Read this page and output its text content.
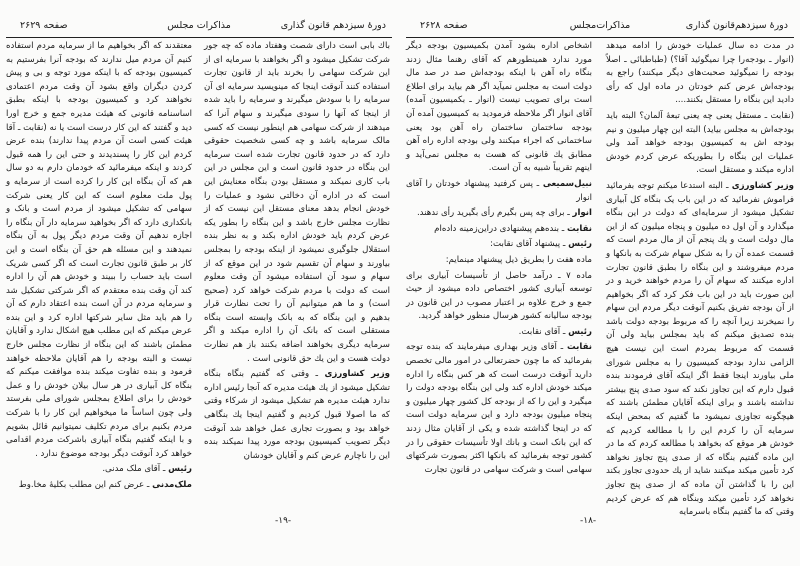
دورهٔ سیزدهم قانون گذاری
مذاکرات مجلس
صفحه ۲۶۲۹

باك بابی است دارای شصت وهفتاد ماده که چه جور شرکت تشکیل میشود و اگر بخواهند با سرمایه ای از این شرکت سهامی را بخرند باید از قانون تجارت استفاده کنند آنوقت اینجا که مینویسید سرمایه ای آن سرمایه را با سودش میگیرند و سرمایه را باید شده از اینجا که آنها را سودی میگیرند و سهام آنرا که میدهند از شرکت سهامی هم اینطور نیست که کسی مالک سرمایه باشد و چه کسی شخصیت حقوقی دارد که در حدود قانون تجارت شده است سرمایه این بنگاه در حدود قانون است و این مجلس در این باب کاری نمیکند و مستقل بودن بنگاه معنایش این است که در اداره آن دخالتی نشود و عملیات را خودش انجام بدهد معنای مستقل این نیست که از نظارت مجلس خارج باشد و این بنگاه را بطور یکه عرض کردم باید خودش اداره بکند و به نظر بنده استقلال جلوگیری نمیشود از اینکه بودجه را بمجلس بیاورند و سهام آن تقسیم شود در این موقع که از سهام و سود آن استفاده میشود آن وقت معلوم است که دولت با مردم شرکت خواهد کرد (صحیح است) و ما هم میتوانیم آن را تحت نظارت قرار بدهیم و این بنگاه که به بانک وابسته است بنگاه مستقلی است که بانک آن را اداره میکند و اگر سرمایه دیگری بخواهند اضافه بکنند باز هم نظارت دولت هست و این یك حق قانونی است .

وزیر کشاورزی ـ وقتی که گفتیم بنگاه بنگاه تشکیل میشود از یك هیئت مدیره که آنجا رئیس اداره ندارد هیئت مدیره هم تشکیل میشود از شرکاء وقتی که ما اصولا قبول کردیم و گفتیم اینجا یك بنگاهی خواهد بود و بصورت تجاری عمل خواهد شد آنوقت دیگر تصویب کمیسیون بودجه مورد پیدا نمیکند بنده این را ناچارم عرض کنم و آقایان خودشان

معتقدند که اگر بخواهیم ما از سرمایه مردم استفاده کنیم آن مردم میل ندارند که بودجه آنرا بفرستیم به کمیسیون بودجه که با اینکه مورد توجه و بی و پیش کردن دیگران واقع بشود آن وقت مردم اعتمادی نخواهند کرد و کمیسیون بودجه با اینکه بطبق اساسنامه قانونی که هیئت مدیره جمع و خرج اورا دید و گفتند که این کار درست است یا نه (نقابت ـ آقا هیئت کسی است آن مردم پیدا ندارند) بنده عرض کردم این کار را پسندیدند و حتی این را همه قبول کردند و اینکه میفرمائید که خودمان دارم به دو سال هم که آن بنگاه این کار را کرده است از سرمایه و پول ملت معلوم است که این کار یعنی شرکت سهامی که تشکیل میشود از مردم است و بانک و بانکداری دارد که اگر بخواهید سرمایه دار آن بنگاه را اجازه ندهیم آن وقت مردم دیگر پول به آن بنگاه نمیدهند و این مسئله هم حق آن بنگاه است و این کار بر طبق قانون تجارت است که اگر کسی شریک است باید حساب را ببیند و خودش هم آن را اداره کند آن وقت بنده معتقدم که اگر شرکتی تشکیل شد و سرمایه مردم در آن است بنده اعتقاد دارم که آن را هم باید مثل سایر شرکتها اداره کرد و این بنده عرض میکنم که این مطلب هیچ اشکال ندارد و آقایان مطمئن باشند که این بنگاه از نظارت مجلس خارج نیست و البته بودجه را هم آقایان ملاحظه خواهند فرمود و بنده تفاوت میکند بنده موافقت میکنم که بنگاه کل آبیاری در هر سال بیلان خودش را و عمل خودش را برای اطلاع بمجلس شورای ملی بفرستد ولی چون اساساً ما میخواهیم این کار را با شرکت مردم بکنیم برای مردم تکلیف نمیتوانیم قائل بشویم و با اینکه گفتیم بنگاه آبیاری باشرکت مردم اقدامی خواهد کرد آنوقت دیگر بودجه موضوع ندارد .

رئیس ـ آقای ملک مدنی.

ملک‌مدنی ـ عرض کنم این مطلب بکلیهٔ مخا.وط

-۱۹-
دورهٔ سیزدهم‌قانون گذاری
مذاکرات‌مجلس
صفحه ۲۶۲۸

در مدت ده سال عملیات خودش را ادامه میدهد (انوار ـ بودجه‌را چرا نمیگوئید آقا؟) (طباطبائی ـ اصلاً بودجه را نمیگوئید صحبت‌های دیگر میکنند) راجع به بودجه‌اش عرض کنم خودتان در ماده اول که رأی دادید این بنگاه را مستقل بکنند....

(نقابت ـ مستقل یعنی چه یعنی تبعهٔ آلمان؟ البته باید بودجه‌اش به مجلس بیاید) البته این چهار میلیون و نیم بودجه اش به کمیسیون بودجه خواهد آمد ولی عملیات این بنگاه را بطوریکه عرض کردم خودش اداره میکند و مستقل است.

وزیر کشاورزی ـ البته استدعا میکنم توجه بفرمائید فراموش نفرمائید که در این باب یک بنگاه کل آبیاری تشکیل میشود از سرمایه‌ای که دولت در این بنگاه میگذارد و آن اول ده میلیون و پنجاه میلیون که از این مال دولت است و یك پنجم آن از مال مردم است که قسمت عمده آن را به شکل سهام شرکت به بانکها و مردم میفروشند و این بنگاه را بطبق قانون تجارت اداره میکنند که سهام آن را مردم خواهند خرید و در این صورت باید در این باب فکر کرد که اگر بخواهیم از آن بودجه تفریق بکنیم آنوقت دیگر مردم این سهام را نمیخرند زیرا آنچه را که مربوط بودجه دولت باشد بنده تصدیق میکنم که باید بمجلس بیاید ولی آن قسمت که مربوط بمردم است این نیست هیچ الزامی ندارد بودجه کمیسیون را به مجلس شورای ملی بیاورند اینجا فقط اگر اینکه آقای فرمودند بنده قبول دارم که این تجاوز نکند که سود صدی پنج بیشتر نداشته باشند و برای اینکه آقایان مطمئن باشند که هیچگونه تجاوزی نمیشود ما گفتیم که بمحض اینکه سرمایه آن را کردم این را با مطالعه کردیم که خودش هر موقع که بخواهد با مطالعه کردم که ما در این ماده گفتیم بنگاه که از صدی پنج تجاوز نخواهد کرد تأمین میکند میکنند شاید از یك حدودی تجاوز بکند این را با گذاشتن آن ماده که از صدی پنج تجاوز نخواهد کرد تأمین میکند وبنگاه هم که عرض کردیم وقتی که ما گفتیم بنگاه باسرمایه

اشخاص اداره بشود آمدن بکمیسیون بودجه دیگر مورد ندارد همینطورهم که آقای رهنما مثال زدند بنگاه راه آهن با اینکه بودجه‌اش صد در صد مال دولت است به مجلس نمیآید اگر هم بیاید برای اطلاع است برای تصویب نیست (انوار ـ بکمیسیون آمده) آقای انوار اگر ملاحظه فرمودید به کمیسیون آمده آن بودجه ساختمان ساختمان راه آهن بود یعنی ساختمانی که اجراء میکنند ولی بودجه اداره راه آهن مطابق یك قانونی که هست به مجلس نمی‌آید و اینهم تقریباً شبیه به آن است.

نبیل‌سمیعی ـ پس کرفتید پیشنهاد خودتان را آقای انوار

انوار ـ برای چه پس بگیرم رأی بگیرید رأی ندهند.

نقابت ـ بنده‌هم پیشنهادی دراین‌زمینه داده‌ام

رئیس ـ پیشنهاد آقای نقابت:

ماده هفت را بطریق ذیل پیشنهاد مینمایم:

ماده ۷ ـ درآمد حاصل از تأسیسات آبیاری برای توسعه آبیاری کشور اختصاص داده میشود از حیث جمع و خرج علاوه بر اعتبار مصوب در این قانون در بودجه سالیانه کشور هرسال منظور خواهد گردید.

رئیس ـ آقای نقابت.

نقابت ـ آقای وزیر بهداری میفرمایند که بنده توجه بفرمائید که ما چون حضرتعالی در امور مالی تخصص دارید آنوقت درست است که هر کس بنگاه را اداره میکند خودش اداره کند ولی این بنگاه بودجه دولت را میگیرد و این را که از بودجه کل کشور چهار میلیون و پنجاه میلیون بودجه دارد و این سرمایه دولت است که در اینجا گذاشته شده و یکی از آقایان مثال زدند که این بانک است و بانك اولا تأسیسات حقوقی را در کشور توجه بفرمائید که بانکها اکثر بصورت شرکتهای سهامی است و شرکت سهامی در قانون تجارت

-۱۸-
